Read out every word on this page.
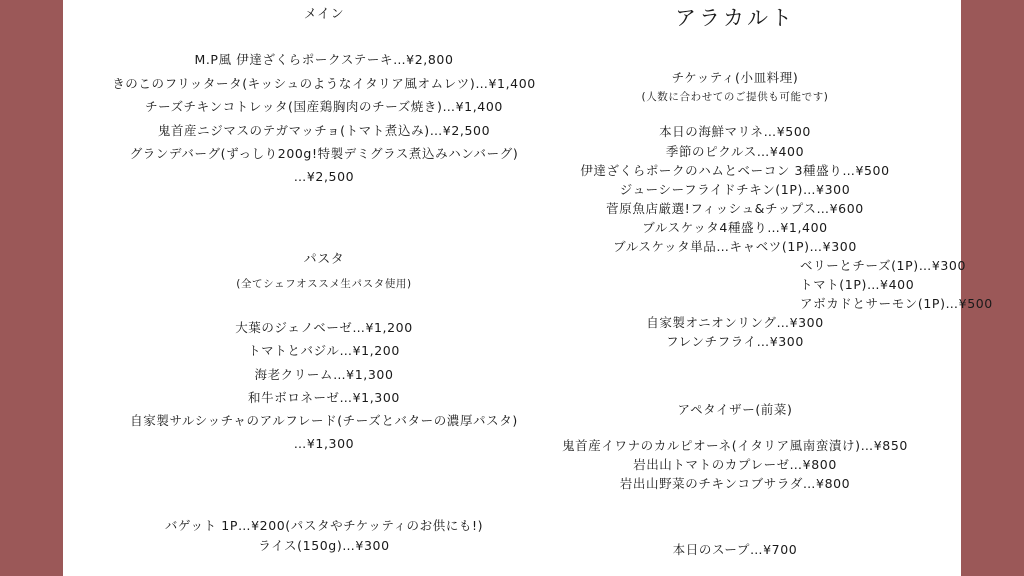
メイン
M.P風 伊達ざくらポークステーキ…¥2,800
きのこのフリッタータ(キッシュのようなイタリア風オムレツ)…¥1,400
チーズチキンコトレッタ(国産鶏胸肉のチーズ焼き)…¥1,400
鬼首産ニジマスのテガマッチョ(トマト煮込み)…¥2,500
グランデバーグ(ずっしり200g!特製デミグラス煮込みハンバーグ)
…¥2,500
パスタ
(全てシェフオススメ生パスタ使用)
大葉のジェノベーゼ…¥1,200
トマトとバジル…¥1,200
海老クリーム…¥1,300
和牛ボロネーゼ…¥1,300
自家製サルシッチャのアルフレード(チーズとバターの濃厚パスタ)
…¥1,300
バゲット 1P…¥200(パスタやチケッティのお供にも!)
ライス(150g)…¥300
アラカルト
チケッティ(小皿料理)
(人数に合わせてのご提供も可能です)
本日の海鮮マリネ…¥500
季節のピクルス…¥400
伊達ざくらポークのハムとベーコン 3種盛り…¥500
ジューシーフライドチキン(1P)…¥300
菅原魚店厳選!フィッシュ&チップス…¥600
ブルスケッタ4種盛り…¥1,400
ブルスケッタ単品…キャベツ(1P)…¥300
ベリーとチーズ(1P)…¥300
トマト(1P)…¥400
アボカドとサーモン(1P)…¥500
自家製オニオンリング…¥300
フレンチフライ…¥300
アペタイザー(前菜)
鬼首産イワナのカルピオーネ(イタリア風南蛮漬け)…¥850
岩出山トマトのカプレーゼ…¥800
岩出山野菜のチキンコブサラダ…¥800
本日のスープ…¥700
